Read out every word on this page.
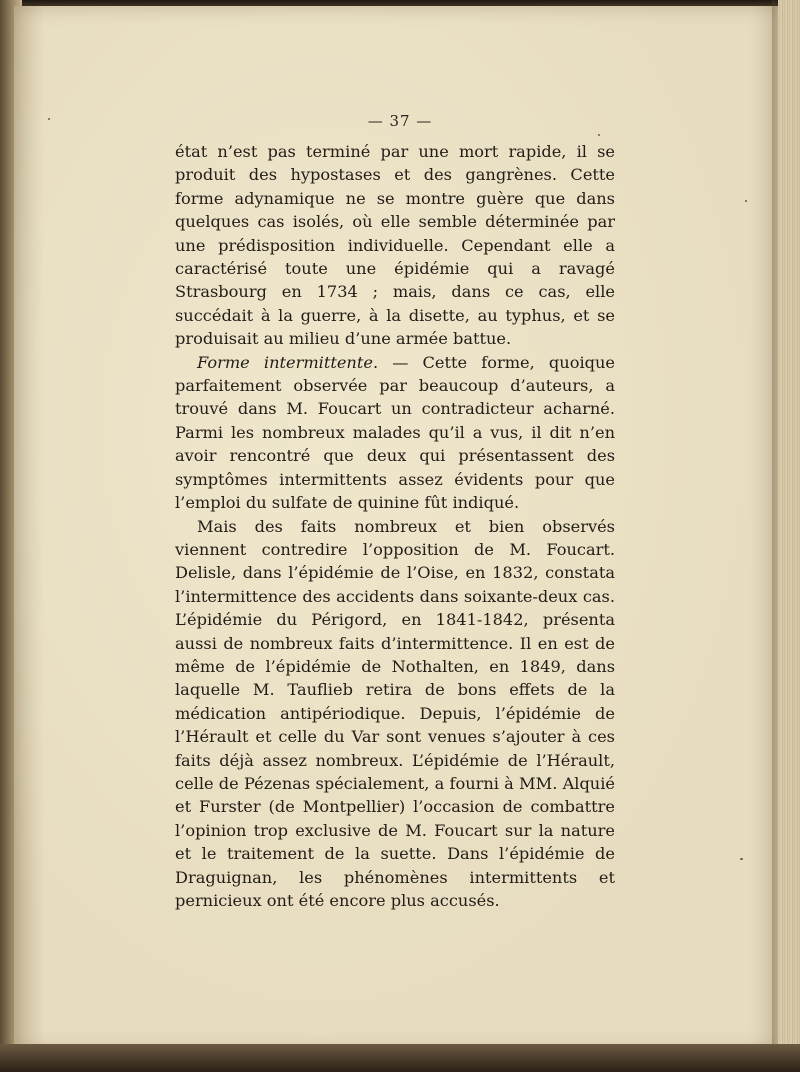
— 37 —

état n’est pas terminé par une mort rapide, il se produit des hypostases et des gangrènes. Cette forme adynamique ne se montre guère que dans quelques cas isolés, où elle semble déterminée par une prédisposition individuelle. Cependant elle a caractérisé toute une épidémie qui a ravagé Strasbourg en 1734 ; mais, dans ce cas, elle succédait à la guerre, à la disette, au typhus, et se produisait au milieu d’une armée battue.

Forme intermittente. — Cette forme, quoique parfaitement observée par beaucoup d’auteurs, a trouvé dans M. Foucart un contradicteur acharné. Parmi les nombreux malades qu’il a vus, il dit n’en avoir rencontré que deux qui présentassent des symptômes intermittents assez évidents pour que l’emploi du sulfate de quinine fût indiqué.

Mais des faits nombreux et bien observés viennent contredire l’opposition de M. Foucart. Delisle, dans l’épidémie de l’Oise, en 1832, constata l’intermittence des accidents dans soixante-deux cas. L’épidémie du Périgord, en 1841-1842, présenta aussi de nombreux faits d’intermittence. Il en est de même de l’épidémie de Nothalten, en 1849, dans laquelle M. Tauflieb retira de bons effets de la médication antipériodique. Depuis, l’épidémie de l’Hérault et celle du Var sont venues s’ajouter à ces faits déjà assez nombreux. L’épidémie de l’Hérault, celle de Pézenas spécialement, a fourni à MM. Alquié et Furster (de Montpellier) l’occasion de combattre l’opinion trop exclusive de M. Foucart sur la nature et le traitement de la suette. Dans l’épidémie de Draguignan, les phénomènes intermittents et pernicieux ont été encore plus accusés.
